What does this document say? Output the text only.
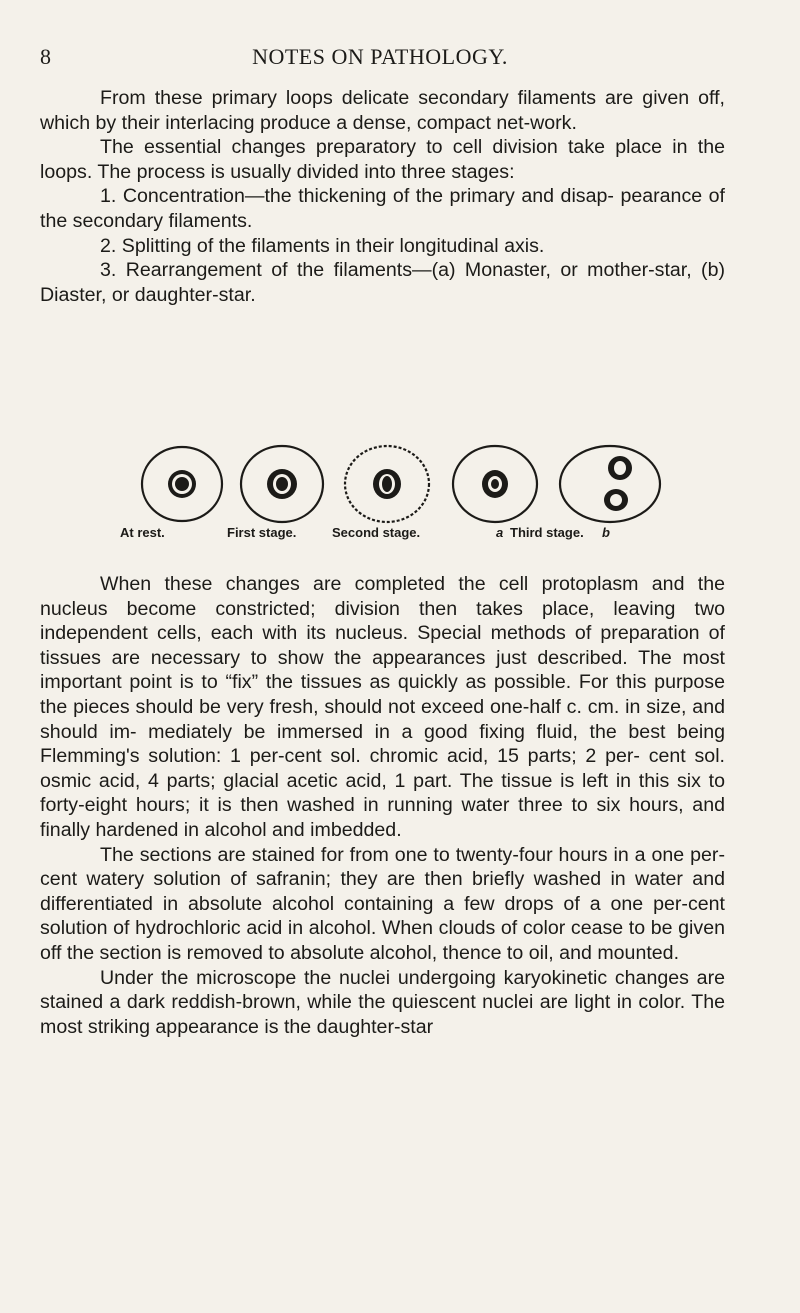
8	NOTES ON PATHOLOGY.

From these primary loops delicate secondary filaments are given off, which by their interlacing produce a dense, compact net-work.

The essential changes preparatory to cell division take place in the loops. The process is usually divided into three stages:

1. Concentration—the thickening of the primary and disap- pearance of the secondary filaments.

2. Splitting of the filaments in their longitudinal axis.

3. Rearrangement of the filaments—(a) Monaster, or mother-star, (b) Diaster, or daughter-star.

At rest.	First stage.	Second stage.	a Third stage. b

When these changes are completed the cell protoplasm and the nucleus become constricted; division then takes place, leaving two independent cells, each with its nucleus. Special methods of preparation of tissues are necessary to show the appearances just described. The most important point is to “fix” the tissues as quickly as possible. For this purpose the pieces should be very fresh, should not exceed one-half c. cm. in size, and should im- mediately be immersed in a good fixing fluid, the best being Flemming's solution: 1 per-cent sol. chromic acid, 15 parts; 2 per- cent sol. osmic acid, 4 parts; glacial acetic acid, 1 part. The tissue is left in this six to forty-eight hours; it is then washed in running water three to six hours, and finally hardened in alcohol and imbedded.

The sections are stained for from one to twenty-four hours in a one per-cent watery solution of safranin; they are then briefly washed in water and differentiated in absolute alcohol containing a few drops of a one per-cent solution of hydrochloric acid in alcohol. When clouds of color cease to be given off the section is removed to absolute alcohol, thence to oil, and mounted.

Under the microscope the nuclei undergoing karyokinetic changes are stained a dark reddish-brown, while the quiescent nuclei are light in color. The most striking appearance is the daughter-star
